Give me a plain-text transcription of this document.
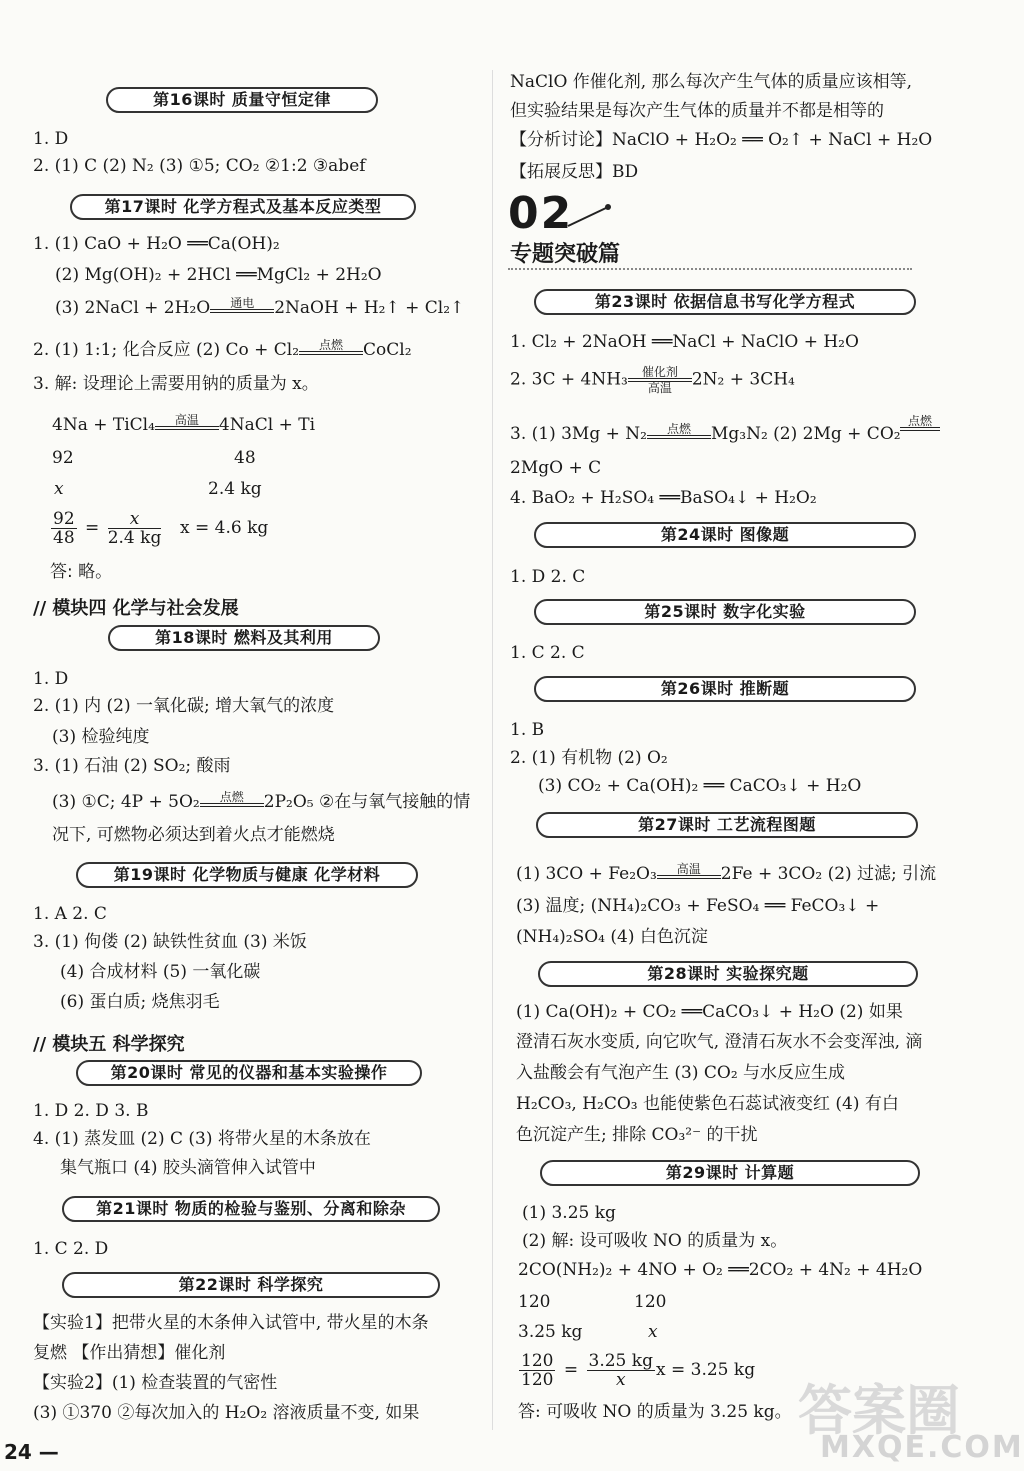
第16课时 质量守恒定律
1. D
2. (1) C (2) N₂ (3) ①5; CO₂ ②1:2 ③abef
第17课时 化学方程式及基本反应类型
1. (1) CaO + H₂O ══Ca(OH)₂
(2) Mg(OH)₂ + 2HCl ══MgCl₂ + 2H₂O
(3) 2NaCl + 2H₂O	通电	2NaOH + H₂↑ + Cl₂↑
2. (1) 1:1; 化合反应 (2) Co + Cl₂	点燃	CoCl₂
3. 解: 设理论上需要用钠的质量为 x。
4Na + TiCl₄	高温	4NaCl + Ti
92	48
x	2.4 kg
$\frac{92}{48} = \frac{x}{2.4 kg}$ x = 4.6 kg
答: 略。
// 模块四 化学与社会发展
第18课时 燃料及其利用
1. D
2. (1) 内 (2) 一氧化碳; 增大氧气的浓度
(3) 检验纯度
3. (1) 石油 (2) SO₂; 酸雨
(3) ①C; 4P + 5O₂	点燃	2P₂O₅ ②在与氧气接触的情
况下, 可燃物必须达到着火点才能燃烧
第19课时 化学物质与健康 化学材料
1. A 2. C
3. (1) 佝偻 (2) 缺铁性贫血 (3) 米饭
(4) 合成材料 (5) 一氧化碳
(6) 蛋白质; 烧焦羽毛
// 模块五 科学探究
第20课时 常见的仪器和基本实验操作
1. D 2. D 3. B
4. (1) 蒸发皿 (2) C (3) 将带火星的木条放在
集气瓶口 (4) 胶头滴管伸入试管中
第21课时 物质的检验与鉴别、分离和除杂
1. C 2. D
第22课时 科学探究
【实验1】把带火星的木条伸入试管中, 带火星的木条
复燃 【作出猜想】催化剂
【实验2】(1) 检查装置的气密性
(3) ①370 ②每次加入的 H₂O₂ 溶液质量不变, 如果
NaClO 作催化剂, 那么每次产生气体的质量应该相等,
但实验结果是每次产生气体的质量并不都是相等的
【分析讨论】NaClO + H₂O₂ ══ O₂↑ + NaCl + H₂O
【拓展反思】BD
02
专题突破篇
第23课时 依据信息书写化学方程式
1. Cl₂ + 2NaOH ══NaCl + NaClO + H₂O
2. 3C + 4NH₃	催化剂
高温	2N₂ + 3CH₄
3. (1) 3Mg + N₂	点燃	Mg₃N₂ (2) 2Mg + CO₂
点燃
2MgO + C
4. BaO₂ + H₂SO₄ ══BaSO₄↓ + H₂O₂
第24课时 图像题
1. D 2. C
第25课时 数字化实验
1. C 2. C
第26课时 推断题
1. B
2. (1) 有机物 (2) O₂
(3) CO₂ + Ca(OH)₂ ══ CaCO₃↓ + H₂O
第27课时 工艺流程图题
(1) 3CO + Fe₂O₃	高温	2Fe + 3CO₂ (2) 过滤; 引流
(3) 温度; (NH₄)₂CO₃ + FeSO₄ ══ FeCO₃↓ +
(NH₄)₂SO₄ (4) 白色沉淀
第28课时 实验探究题
(1) Ca(OH)₂ + CO₂ ══CaCO₃↓ + H₂O (2) 如果
澄清石灰水变质, 向它吹气, 澄清石灰水不会变浑浊, 滴
入盐酸会有气泡产生 (3) CO₂ 与水反应生成
H₂CO₃, H₂CO₃ 也能使紫色石蕊试液变红 (4) 有白
色沉淀产生; 排除 CO₃²⁻ 的干扰
第29课时 计算题
(1) 3.25 kg
(2) 解: 设可吸收 NO 的质量为 x。
2CO(NH₂)₂ + 4NO + O₂ ══2CO₂ + 4N₂ + 4H₂O
120	120
3.25 kg	x
$\frac{120}{120} = \frac{3.25 kg}{x}$ x = 3.25 kg
答: 可吸收 NO 的质量为 3.25 kg。
24 —
答案圈
MXQE.COM
